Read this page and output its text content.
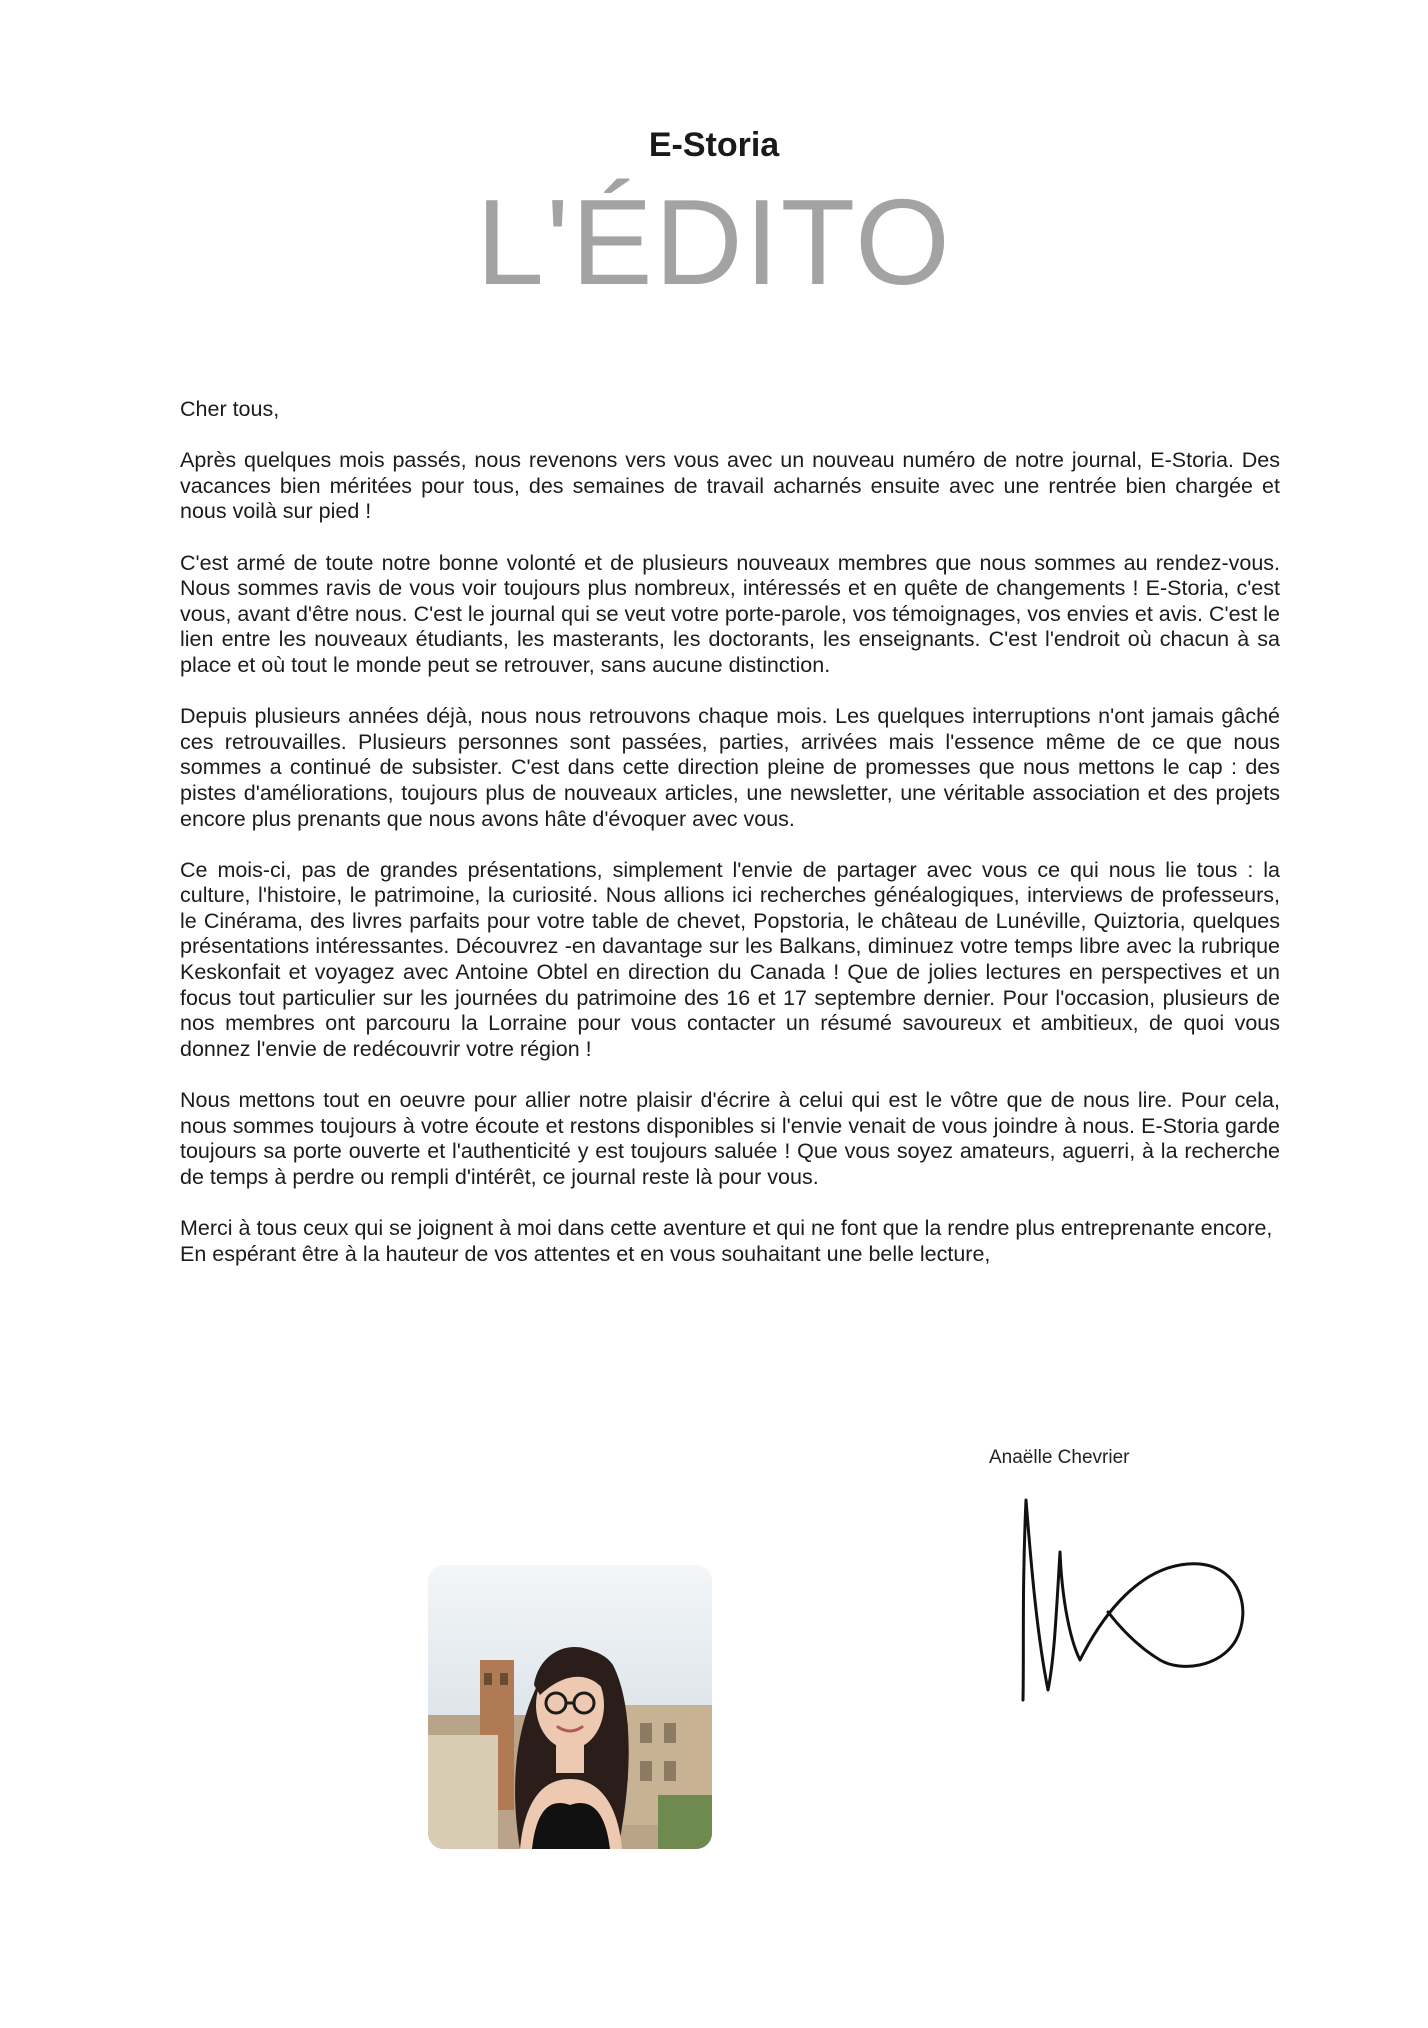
E-Storia
L'ÉDITO

Cher tous,

Après quelques mois passés, nous revenons vers vous avec un nouveau numéro de notre journal, E-Storia. Des vacances bien méritées pour tous, des semaines de travail acharnés ensuite avec une rentrée bien chargée et nous voilà sur pied !

C'est armé de toute notre bonne volonté et de plusieurs nouveaux membres que nous sommes au rendez-vous. Nous sommes ravis de vous voir toujours plus nombreux, intéressés et en quête de changements ! E-Storia, c'est vous, avant d'être nous. C'est le journal qui se veut votre porte-parole, vos témoignages, vos envies et avis. C'est le lien entre les nouveaux étudiants, les masterants, les doctorants, les enseignants. C'est l'endroit où chacun à sa place et où tout le monde peut se retrouver, sans aucune distinction.

Depuis plusieurs années déjà, nous nous retrouvons chaque mois. Les quelques interruptions n'ont jamais gâché ces retrouvailles. Plusieurs personnes sont passées, parties, arrivées mais l'essence même de ce que nous sommes a continué de subsister. C'est dans cette direction pleine de promesses que nous mettons le cap : des pistes d'améliorations, toujours plus de nouveaux articles, une newsletter, une véritable association et des projets encore plus prenants que nous avons hâte d'évoquer avec vous.

Ce mois-ci, pas de grandes présentations, simplement l'envie de partager avec vous ce qui nous lie tous : la culture, l'histoire, le patrimoine, la curiosité. Nous allions ici recherches généalogiques, interviews de professeurs, le Cinérama, des livres parfaits pour votre table de chevet, Popstoria, le château de Lunéville, Quiztoria, quelques présentations intéressantes. Découvrez -en davantage sur les Balkans, diminuez votre temps libre avec la rubrique Keskonfait et voyagez avec Antoine Obtel en direction du Canada ! Que de jolies lectures en perspectives et un focus tout particulier sur les journées du patrimoine des 16 et 17 septembre dernier. Pour l'occasion, plusieurs de nos membres ont parcouru la Lorraine pour vous contacter un résumé savoureux et ambitieux, de quoi vous donnez l'envie de redécouvrir votre région !

Nous mettons tout en oeuvre pour allier notre plaisir d'écrire à celui qui est le vôtre que de nous lire. Pour cela, nous sommes toujours à votre écoute et restons disponibles si l'envie venait de vous joindre à nous. E-Storia garde toujours sa porte ouverte et l'authenticité y est toujours saluée ! Que vous soyez amateurs, aguerri, à la recherche de temps à perdre ou rempli d'intérêt, ce journal reste là pour vous.

Merci à tous ceux qui se joignent à moi dans cette aventure et qui ne font que la rendre plus entreprenante encore,
En espérant être à la hauteur de vos attentes et en vous souhaitant une belle lecture,

Anaëlle Chevrier
